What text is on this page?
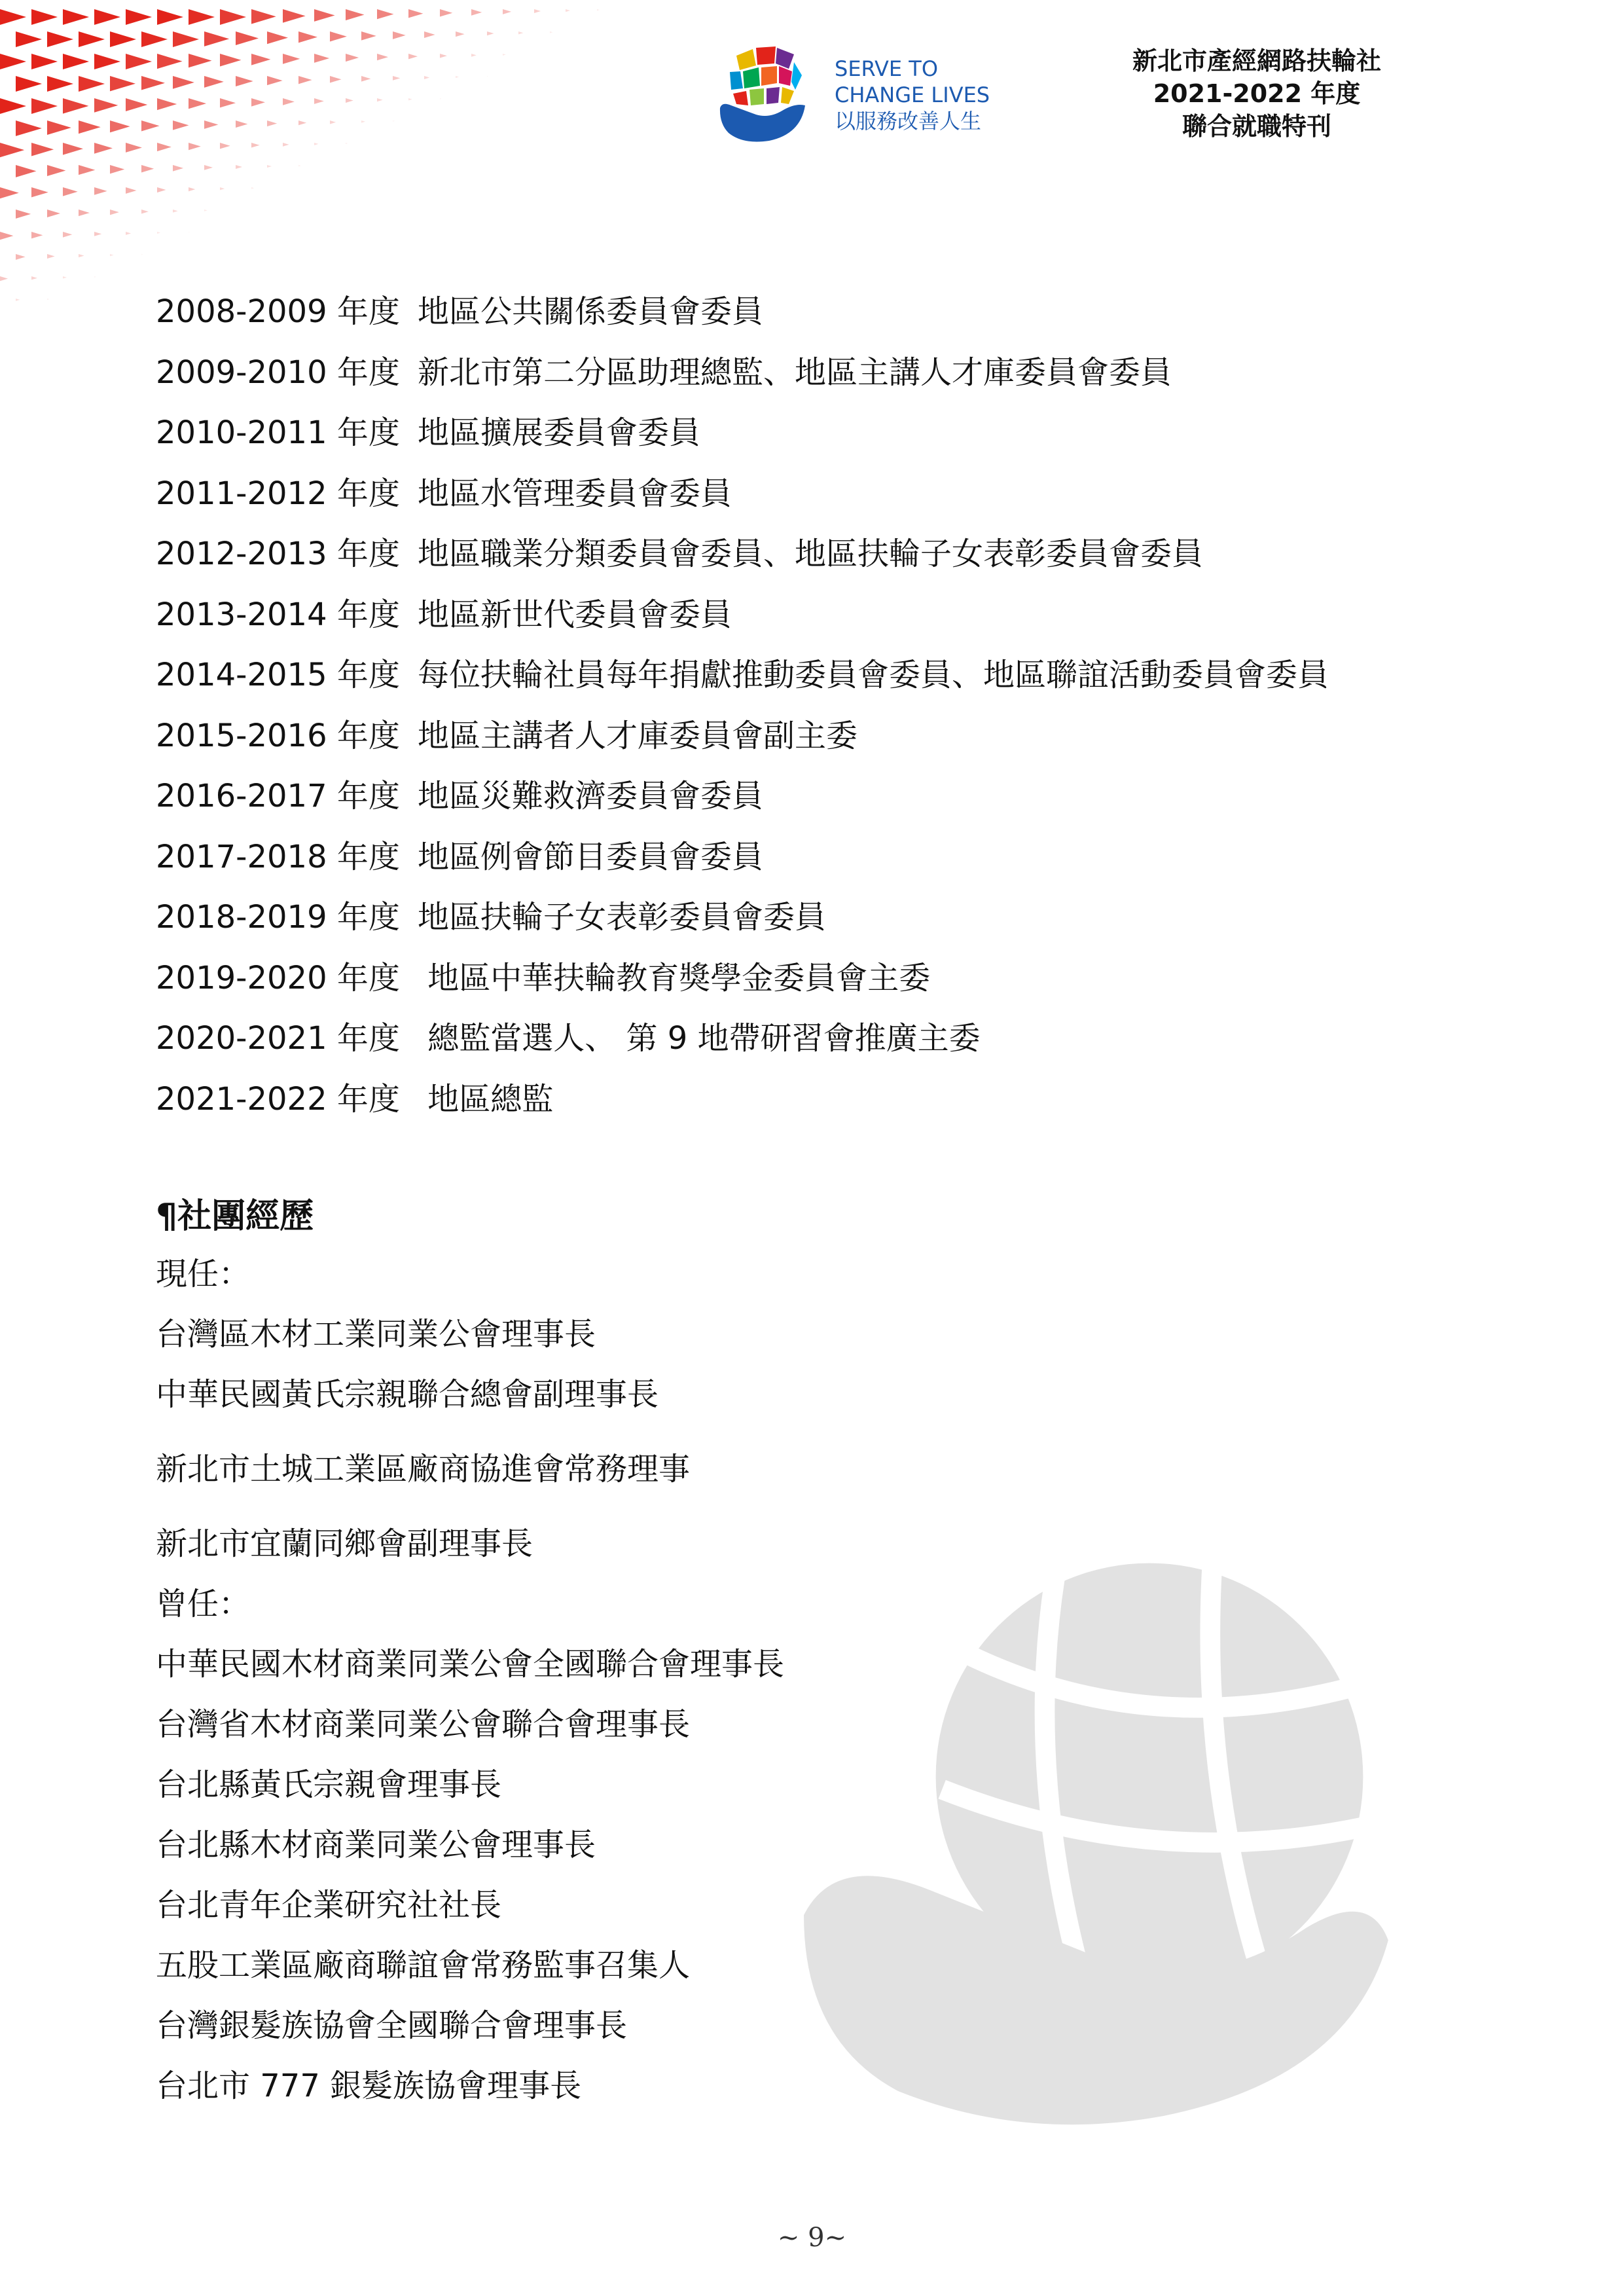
SERVE TO
CHANGE LIVES
以服務改善人生
新北市產經網路扶輪社
2021-2022 年度
聯合就職特刊
2008-2009 年度 地區公共關係委員會委員
2009-2010 年度 新北市第二分區助理總監、地區主講人才庫委員會委員
2010-2011 年度 地區擴展委員會委員
2011-2012 年度 地區水管理委員會委員
2012-2013 年度 地區職業分類委員會委員、地區扶輪子女表彰委員會委員
2013-2014 年度 地區新世代委員會委員
2014-2015 年度 每位扶輪社員每年捐獻推動委員會委員、地區聯誼活動委員會委員
2015-2016 年度 地區主講者人才庫委員會副主委
2016-2017 年度 地區災難救濟委員會委員
2017-2018 年度 地區例會節目委員會委員
2018-2019 年度 地區扶輪子女表彰委員會委員
2019-2020 年度 地區中華扶輪教育獎學金委員會主委
2020-2021 年度 總監當選人、 第 9 地帶研習會推廣主委
2021-2022 年度 地區總監
¶社團經歷
現任：
台灣區木材工業同業公會理事長
中華民國黃氏宗親聯合總會副理事長
新北市土城工業區廠商協進會常務理事
新北市宜蘭同鄉會副理事長
曾任：
中華民國木材商業同業公會全國聯合會理事長
台灣省木材商業同業公會聯合會理事長
台北縣黃氏宗親會理事長
台北縣木材商業同業公會理事長
台北青年企業研究社社長
五股工業區廠商聯誼會常務監事召集人
台灣銀髮族協會全國聯合會理事長
台北市 777 銀髮族協會理事長
~ 9~
